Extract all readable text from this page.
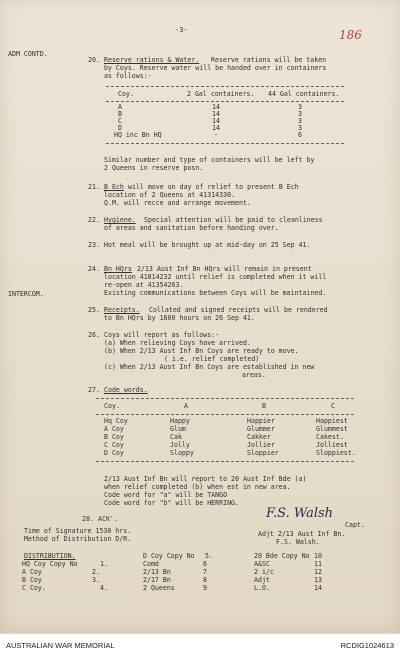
-3-	186
ADM CONTD.
INTERCOM.
20. Reserve rations & Water. Reserve rations will be taken
by Coys. Reserve water will be handed over in containers
as follows:-
Coy.	2 Gal containers. 44 Gal containers.
A	14	3
B	14	3
C	14	3
D	14	3
HQ inc Bn HQ	-	6
Similar number and type of containers will be left by
2 Queens in reserve posn.
21. B Ech will move on day of relief to present B Ech
location of 2 Queens at 41314330.
Q.M. will recce and arrange movement.
22. Hygiene. Special attention will be paid to cleanliness
of areas and sanitation before handing over.
23. Hot meal will be brought up at mid-day on 25 Sep 41.
24. Bn HQrs 2/13 Aust Inf Bn HQrs will remain in present
location 41814232 until relief is completed when it will
re-open at 41354263.
Existing communications between Coys will be maintained.
25. Receipts. Collated and signed receipts will be rendered
to Bn HQrs by 1600 hours on 26 Sep 41.
26. Coys will report as follows:-
(a) When relieving Coys have arrived.
(b) When 2/13 Aust Inf Bn Coys are ready to move.
( i.e. relief completed)
(c) When 2/13 Aust Inf Bn Coys are established in new
areas.
27. Code words.
Coy.	A	B	C
Hq Coy	Happy	Happier	Happiest
A Coy	Glum	Glummer	Glummest
B Coy	Cak	Cakker	Cakest.
C Coy	Jolly	Jollier	Jolliest
D Coy	Sloppy	Sloppier	Sloppiest.
2/13 Aust Inf Bn will report to 20 Aust Inf Bde (a)
when relief completed (b) when est in new area.
Code word for "a" will be TANGO
Code word for "b" will be HERRING.
28. ACK'.	F.S. Walsh
Capt.
Adjt 2/13 Aust Inf Bn.
F.S. Walsh.
Time of Signature 1530 hrs.
Method of Distribution D/R.
DISTRIBUTION.
HQ Coy Copy No	1.
A Coy	2.
B Coy	3.
C Coy.	4.
D Coy Copy No 5.
Comd	6
2/13 Bn	7
2/17 Bn	8
2 Queens	9
20 Bde Copy No 10
A&SC	11
2 i/c	12
Adjt	13
L.O.	14
AUSTRALIAN WAR MEMORIAL	RCDIG1024613
